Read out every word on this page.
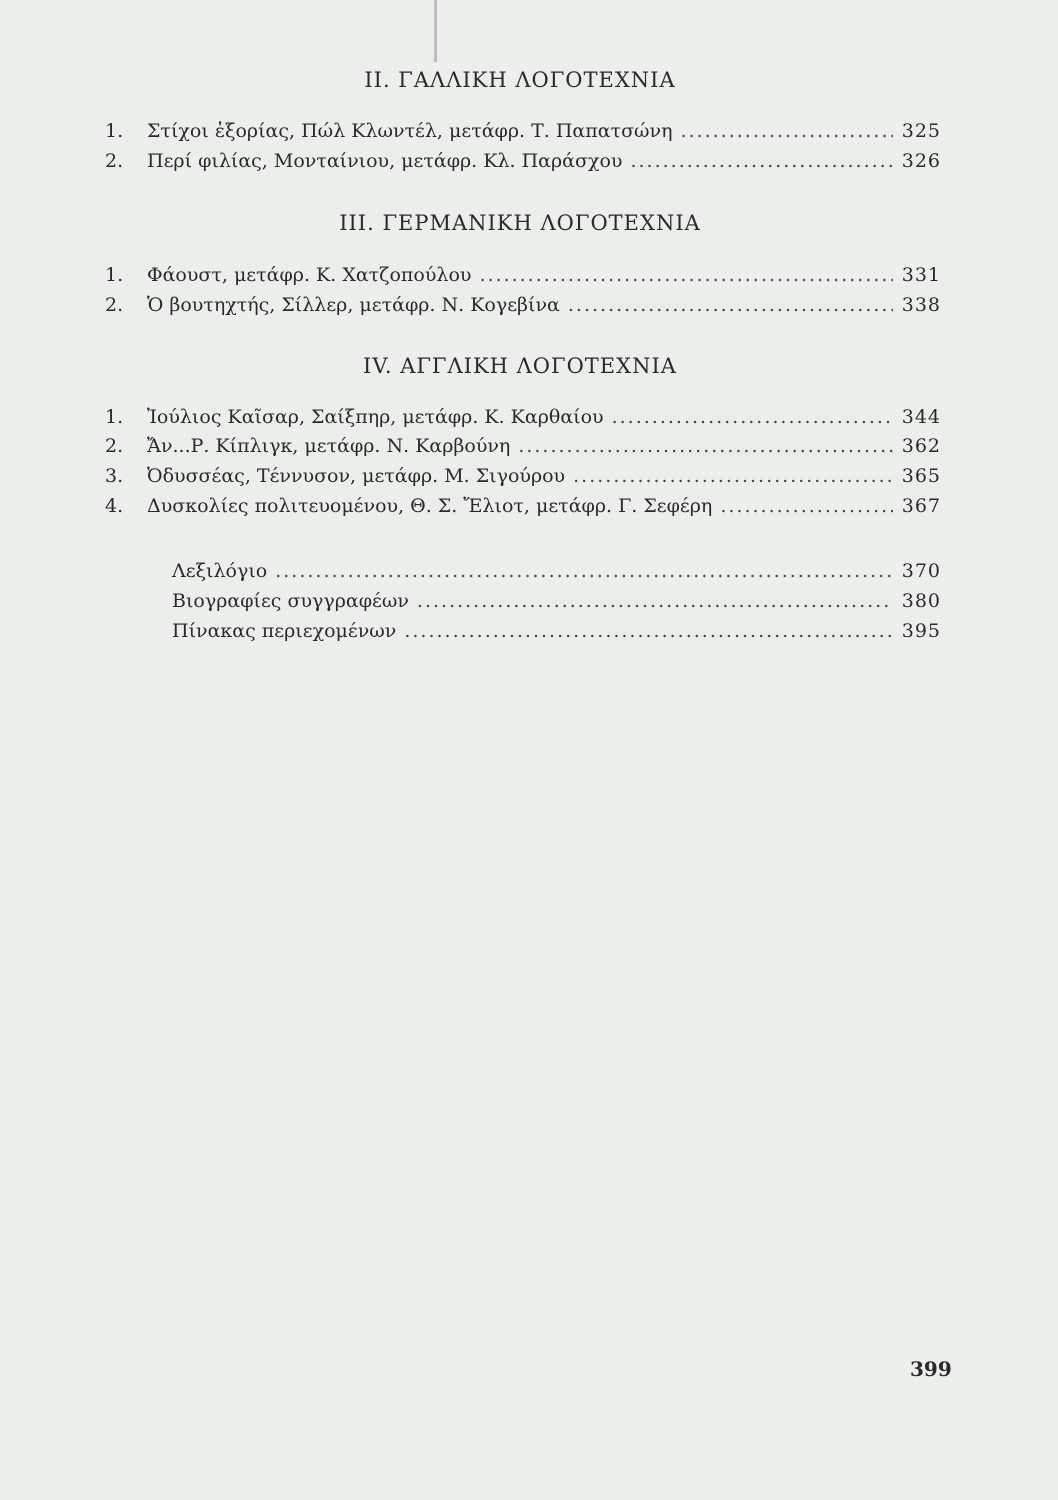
II. ΓΑΛΛΙΚΗ ΛΟΓΟΤΕΧΝΙΑ
1.	Στίχοι ἐξορίας, Πώλ Κλωντέλ, μετάφρ. Τ. Παπατσώνη .....	325
2.	Περί φιλίας, Μονταίνιου, μετάφρ. Κλ. Παράσχου .....	326
III. ΓΕΡΜΑΝΙΚΗ ΛΟΓΟΤΕΧΝΙΑ
1.	Φάουστ, μετάφρ. Κ. Χατζοπούλου .....	331
2.	Ὁ βουτηχτής, Σίλλερ, μετάφρ. Ν. Κογεβίνα .....	338
IV. ΑΓΓΛΙΚΗ ΛΟΓΟΤΕΧΝΙΑ
1.	Ἰούλιος Καῖσαρ, Σαίξπηρ, μετάφρ. Κ. Καρθαίου .....	344
2.	Ἄν...Ρ. Κίπλιγκ, μετάφρ. Ν. Καρβούνη .....	362
3.	Ὀδυσσέας, Τέννυσον, μετάφρ. Μ. Σιγούρου .....	365
4.	Δυσκολίες πολιτευομένου, Θ. Σ. Ἔλιοτ, μετάφρ. Γ. Σεφέρη .....	367
Λεξιλόγιο .....	370
Βιογραφίες συγγραφέων .....	380
Πίνακας περιεχομένων .....	395
399
